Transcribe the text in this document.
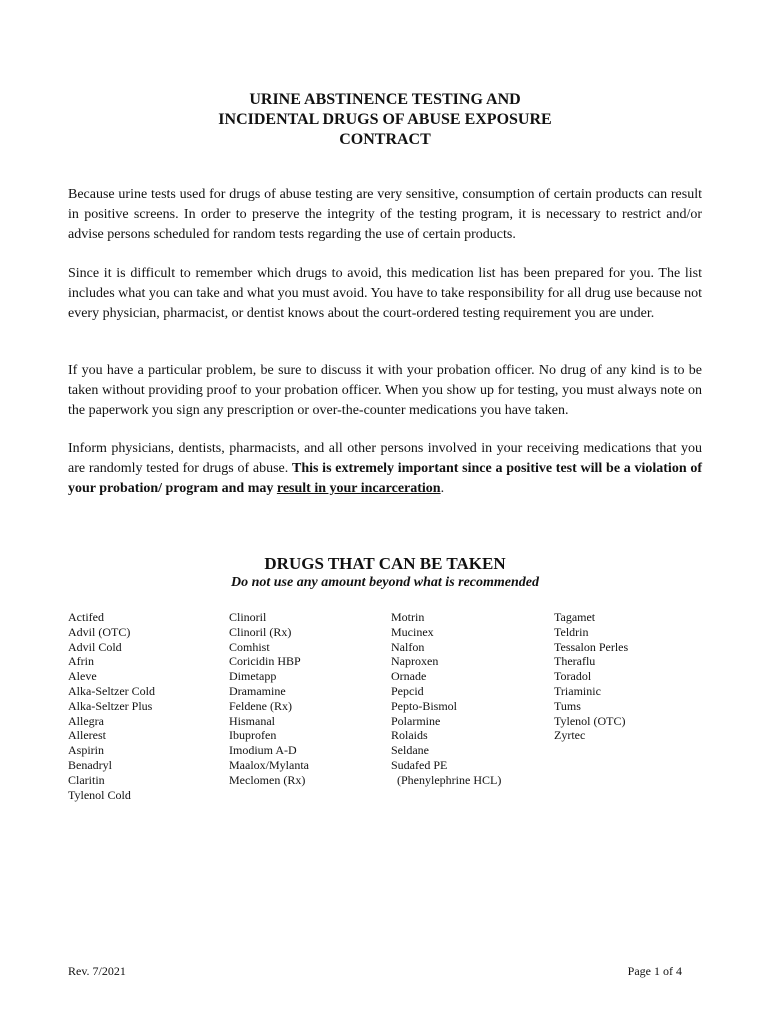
URINE ABSTINENCE TESTING AND
INCIDENTAL DRUGS OF ABUSE EXPOSURE
CONTRACT

Because urine tests used for drugs of abuse testing are very sensitive, consumption of certain products can result in positive screens. In order to preserve the integrity of the testing program, it is necessary to restrict and/or advise persons scheduled for random tests regarding the use of certain products.

Since it is difficult to remember which drugs to avoid, this medication list has been prepared for you. The list includes what you can take and what you must avoid. You have to take responsibility for all drug use because not every physician, pharmacist, or dentist knows about the court-ordered testing requirement you are under.

If you have a particular problem, be sure to discuss it with your probation officer. No drug of any kind is to be taken without providing proof to your probation officer. When you show up for testing, you must always note on the paperwork you sign any prescription or over-the-counter medications you have taken.

Inform physicians, dentists, pharmacists, and all other persons involved in your receiving medications that you are randomly tested for drugs of abuse. This is extremely important since a positive test will be a violation of your probation/ program and may result in your incarceration.

DRUGS THAT CAN BE TAKEN

Do not use any amount beyond what is recommended

Actifed
Advil (OTC)
Advil Cold
Afrin
Aleve
Alka-Seltzer Cold
Alka-Seltzer Plus
Allegra
Allerest
Aspirin
Benadryl
Claritin
Tylenol Cold
Clinoril
Clinoril (Rx)
Comhist
Coricidin HBP
Dimetapp
Dramamine
Feldene (Rx)
Hismanal
Ibuprofen
Imodium A-D
Maalox/Mylanta
Meclomen (Rx)
Motrin
Mucinex
Nalfon
Naproxen
Ornade
Pepcid
Pepto-Bismol
Polarmine
Rolaids
Seldane
Sudafed PE
(Phenylephrine HCL)
Tagamet
Teldrin
Tessalon Perles
Theraflu
Toradol
Triaminic
Tums
Tylenol (OTC)
Zyrtec
Rev. 7/2021	Page 1 of 4
